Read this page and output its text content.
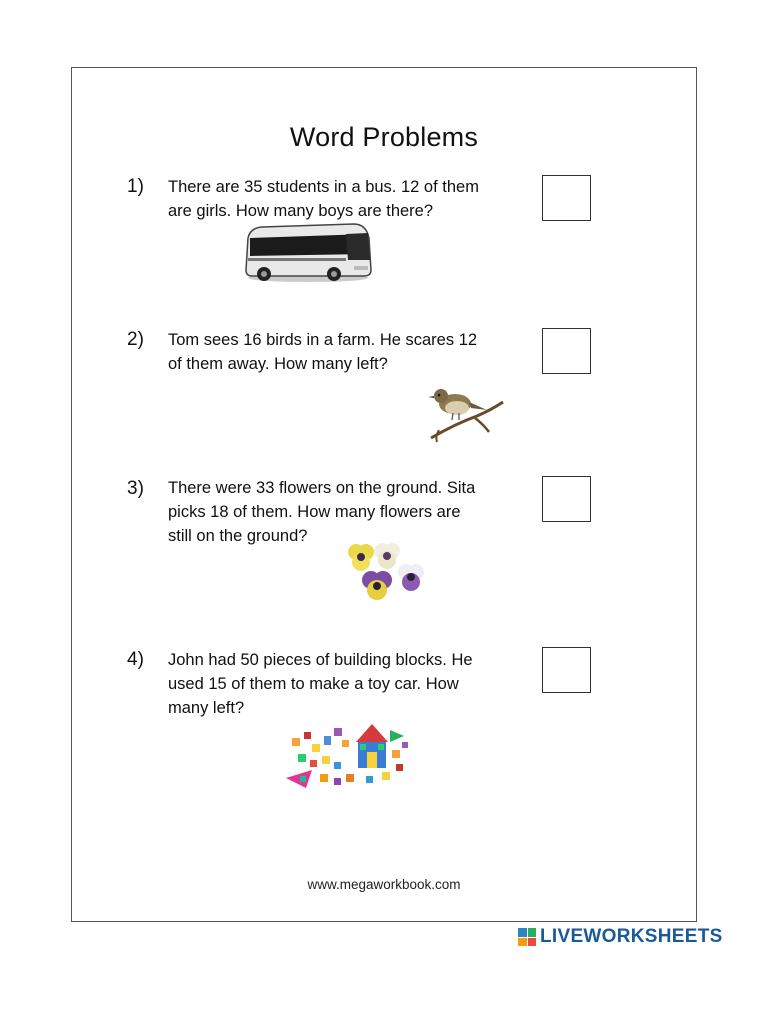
Word Problems
1) There are 35 students in a bus. 12 of them
are girls. How many boys are there?
2) Tom sees 16 birds in a farm. He scares 12
of them away. How many left?
3) There were 33 flowers on the ground. Sita
picks 18 of them. How many flowers are
still on the ground?
4) John had 50 pieces of building blocks. He
used 15 of them to make a toy car. How
many left?
www.megaworkbook.com
LIVEWORKSHEETS
